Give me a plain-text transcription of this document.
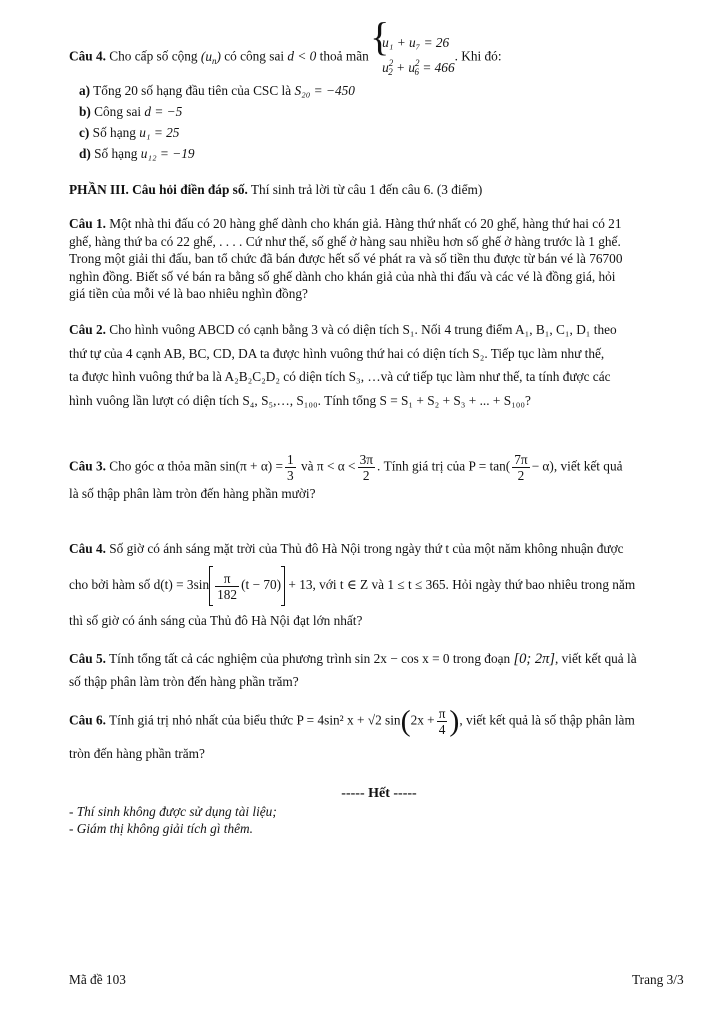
Câu 4. Cho cấp số cộng $(u_n)$ có công sai d < 0 thoả mãn
{ u₁ + u₇ = 26
$u^2_2 + u^2_6 = 466$
. Khi đó:
a) Tổng 20 số hạng đầu tiên của CSC là S₂₀ = −450
b) Công sai d = −5
c) Số hạng u₁ = 25
d) Số hạng u₁₂ = −19
PHẦN III. Câu hỏi điền đáp số. Thí sinh trả lời từ câu 1 đến câu 6. (3 điểm)
Câu 1. Một nhà thi đấu có 20 hàng ghế dành cho khán giả. Hàng thứ nhất có 20 ghế, hàng thứ hai có 21
ghế, hàng thứ ba có 22 ghế, . . . . Cứ như thế, số ghế ở hàng sau nhiều hơn số ghế ở hàng trước là 1 ghế.
Trong một giải thi đấu, ban tổ chức đã bán được hết số vé phát ra và số tiền thu được từ bán vé là 76700
nghìn đồng. Biết số vé bán ra bằng số ghế dành cho khán giả của nhà thi đấu và các vé là đồng giá, hỏi
giá tiền của mỗi vé là bao nhiêu nghìn đồng?
Câu 2. Cho hình vuông ABCD có cạnh bằng 3 và có diện tích S₁. Nối 4 trung điểm A₁, B₁, C₁, D₁ theo
thứ tự của 4 cạnh AB, BC, CD, DA ta được hình vuông thứ hai có diện tích S₂. Tiếp tục làm như thế,
ta được hình vuông thứ ba là A₂B₂C₂D₂ có diện tích S₃, …và cứ tiếp tục làm như thế, ta tính được các
hình vuông lần lượt có diện tích S₄, S₅,…, S₁₀₀. Tính tổng S = S₁ + S₂ + S₃ + ... + S₁₀₀?
Câu 3. Cho góc α thỏa mãn $\sin(\pi + \alpha) = \frac{1}{3}$ và $\pi < \alpha < \frac{3\pi}{2}$ . Tính giá trị của $P = \tan( \frac{7\pi}{2} - \alpha)$, viết kết quả
là số thập phân làm tròn đến hàng phần mười?
Câu 4. Số giờ có ánh sáng mặt trời của Thủ đô Hà Nội trong ngày thứ t của một năm không nhuận được
cho bởi hàm số $d(t) = 3\sin \frac{\pi}{182} (t - 70) + 13$, với t ∈ Z và 1 ≤ t ≤ 365. Hỏi ngày thứ bao nhiêu trong năm
thì số giờ có ánh sáng của Thủ đô Hà Nội đạt lớn nhất?
Câu 5. Tính tổng tất cả các nghiệm của phương trình sin 2x − cos x = 0 trong đoạn [0; 2π], viết kết quả là
số thập phân làm tròn đến hàng phần trăm?
Câu 6. Tính giá trị nhỏ nhất của biểu thức P = 4sin² x + √2 $\sin(2x + \frac{\pi}{4}$ ), viết kết quả là số thập phân làm
tròn đến hàng phần trăm?
----- Hết -----
- Thí sinh không được sử dụng tài liệu;
- Giám thị không giải tích gì thêm.
Mã đề 103	Trang 3/3
